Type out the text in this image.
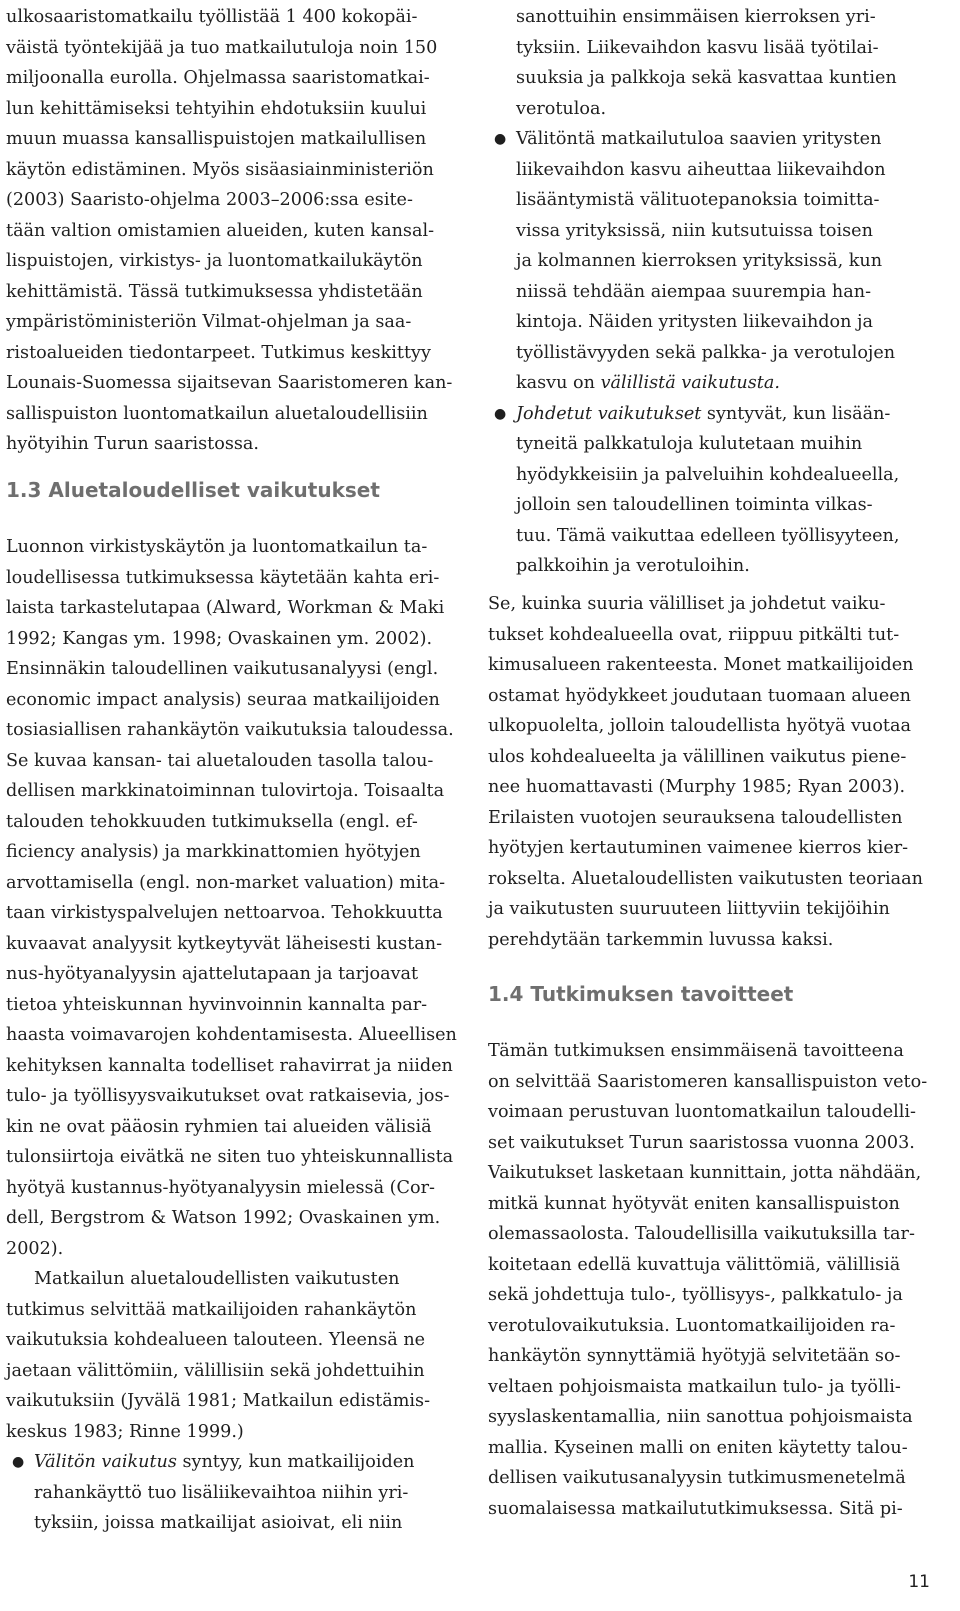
ulkosaaristomatkailu työllistää 1 400 kokopäi-
väistä työntekijää ja tuo matkailutuloja noin 150
miljoonalla eurolla. Ohjelmassa saaristomatkai-
lun kehittämiseksi tehtyihin ehdotuksiin kuului
muun muassa kansallispuistojen matkailullisen
käytön edistäminen. Myös sisäasiainministeriön
(2003) Saaristo-ohjelma 2003–2006:ssa esite-
tään valtion omistamien alueiden, kuten kansal-
lispuistojen, virkistys- ja luontomatkailukäytön
kehittämistä. Tässä tutkimuksessa yhdistetään
ympäristöministeriön Vilmat-ohjelman ja saa-
ristoalueiden tiedontarpeet. Tutkimus keskittyy
Lounais-Suomessa sijaitsevan Saaristomeren kan-
sallispuiston luontomatkailun aluetaloudellisiin
hyötyihin Turun saaristossa.
1.3 Aluetaloudelliset vaikutukset
Luonnon virkistyskäytön ja luontomatkailun ta-
loudellisessa tutkimuksessa käytetään kahta eri-
laista tarkastelutapaa (Alward, Workman & Maki
1992; Kangas ym. 1998; Ovaskainen ym. 2002).
Ensinnäkin taloudellinen vaikutusanalyysi (engl.
economic impact analysis) seuraa matkailijoiden
tosiasiallisen rahankäytön vaikutuksia taloudessa.
Se kuvaa kansan- tai aluetalouden tasolla talou-
dellisen markkinatoiminnan tulovirtoja. Toisaalta
talouden tehokkuuden tutkimuksella (engl. ef-
ficiency analysis) ja markkinattomien hyötyjen
arvottamisella (engl. non-market valuation) mita-
taan virkistyspalvelujen nettoarvoa. Tehokkuutta
kuvaavat analyysit kytkeytyvät läheisesti kustan-
nus-hyötyanalyysin ajattelutapaan ja tarjoavat
tietoa yhteiskunnan hyvinvoinnin kannalta par-
haasta voimavarojen kohdentamisesta. Alueellisen
kehityksen kannalta todelliset rahavirrat ja niiden
tulo- ja työllisyysvaikutukset ovat ratkaisevia, jos-
kin ne ovat pääosin ryhmien tai alueiden välisiä
tulonsiirtoja eivätkä ne siten tuo yhteiskunnallista
hyötyä kustannus-hyötyanalyysin mielessä (Cor-
dell, Bergstrom & Watson 1992; Ovaskainen ym.
2002).
Matkailun aluetaloudellisten vaikutusten
tutkimus selvittää matkailijoiden rahankäytön
vaikutuksia kohdealueen talouteen. Yleensä ne
jaetaan välittömiin, välillisiin sekä johdettuihin
vaikutuksiin (Jyvälä 1981; Matkailun edistämis-
keskus 1983; Rinne 1999.)
● Välitön vaikutus syntyy, kun matkailijoiden
rahankäyttö tuo lisäliikevaihtoa niihin yri-
tyksiin, joissa matkailijat asioivat, eli niin
sanottuihin ensimmäisen kierroksen yri-
tyksiin. Liikevaihdon kasvu lisää työtilai-
suuksia ja palkkoja sekä kasvattaa kuntien
verotuloa.
● Välitöntä matkailutuloa saavien yritysten
liikevaihdon kasvu aiheuttaa liikevaihdon
lisääntymistä välituotepanoksia toimitta-
vissa yrityksissä, niin kutsutuissa toisen
ja kolmannen kierroksen yrityksissä, kun
niissä tehdään aiempaa suurempia han-
kintoja. Näiden yritysten liikevaihdon ja
työllistävyyden sekä palkka- ja verotulojen
kasvu on välillistä vaikutusta.
● Johdetut vaikutukset syntyvät, kun lisään-
tyneitä palkkatuloja kulutetaan muihin
hyödykkeisiin ja palveluihin kohdealueella,
jolloin sen taloudellinen toiminta vilkas-
tuu. Tämä vaikuttaa edelleen työllisyyteen,
palkkoihin ja verotuloihin.
Se, kuinka suuria välilliset ja johdetut vaiku-
tukset kohdealueella ovat, riippuu pitkälti tut-
kimusalueen rakenteesta. Monet matkailijoiden
ostamat hyödykkeet joudutaan tuomaan alueen
ulkopuolelta, jolloin taloudellista hyötyä vuotaa
ulos kohdealueelta ja välillinen vaikutus piene-
nee huomattavasti (Murphy 1985; Ryan 2003).
Erilaisten vuotojen seurauksena taloudellisten
hyötyjen kertautuminen vaimenee kierros kier-
rokselta. Aluetaloudellisten vaikutusten teoriaan
ja vaikutusten suuruuteen liittyviin tekijöihin
perehdytään tarkemmin luvussa kaksi.
1.4 Tutkimuksen tavoitteet
Tämän tutkimuksen ensimmäisenä tavoitteena
on selvittää Saaristomeren kansallispuiston veto-
voimaan perustuvan luontomatkailun taloudelli-
set vaikutukset Turun saaristossa vuonna 2003.
Vaikutukset lasketaan kunnittain, jotta nähdään,
mitkä kunnat hyötyvät eniten kansallispuiston
olemassaolosta. Taloudellisilla vaikutuksilla tar-
koitetaan edellä kuvattuja välittömiä, välillisiä
sekä johdettuja tulo-, työllisyys-, palkkatulo- ja
verotulovaikutuksia. Luontomatkailijoiden ra-
hankäytön synnyttämiä hyötyjä selvitetään so-
veltaen pohjoismaista matkailun tulo- ja työlli-
syyslaskentamallia, niin sanottua pohjoismaista
mallia. Kyseinen malli on eniten käytetty talou-
dellisen vaikutusanalyysin tutkimusmenetelmä
suomalaisessa matkailututkimuksessa. Sitä pi-
11
